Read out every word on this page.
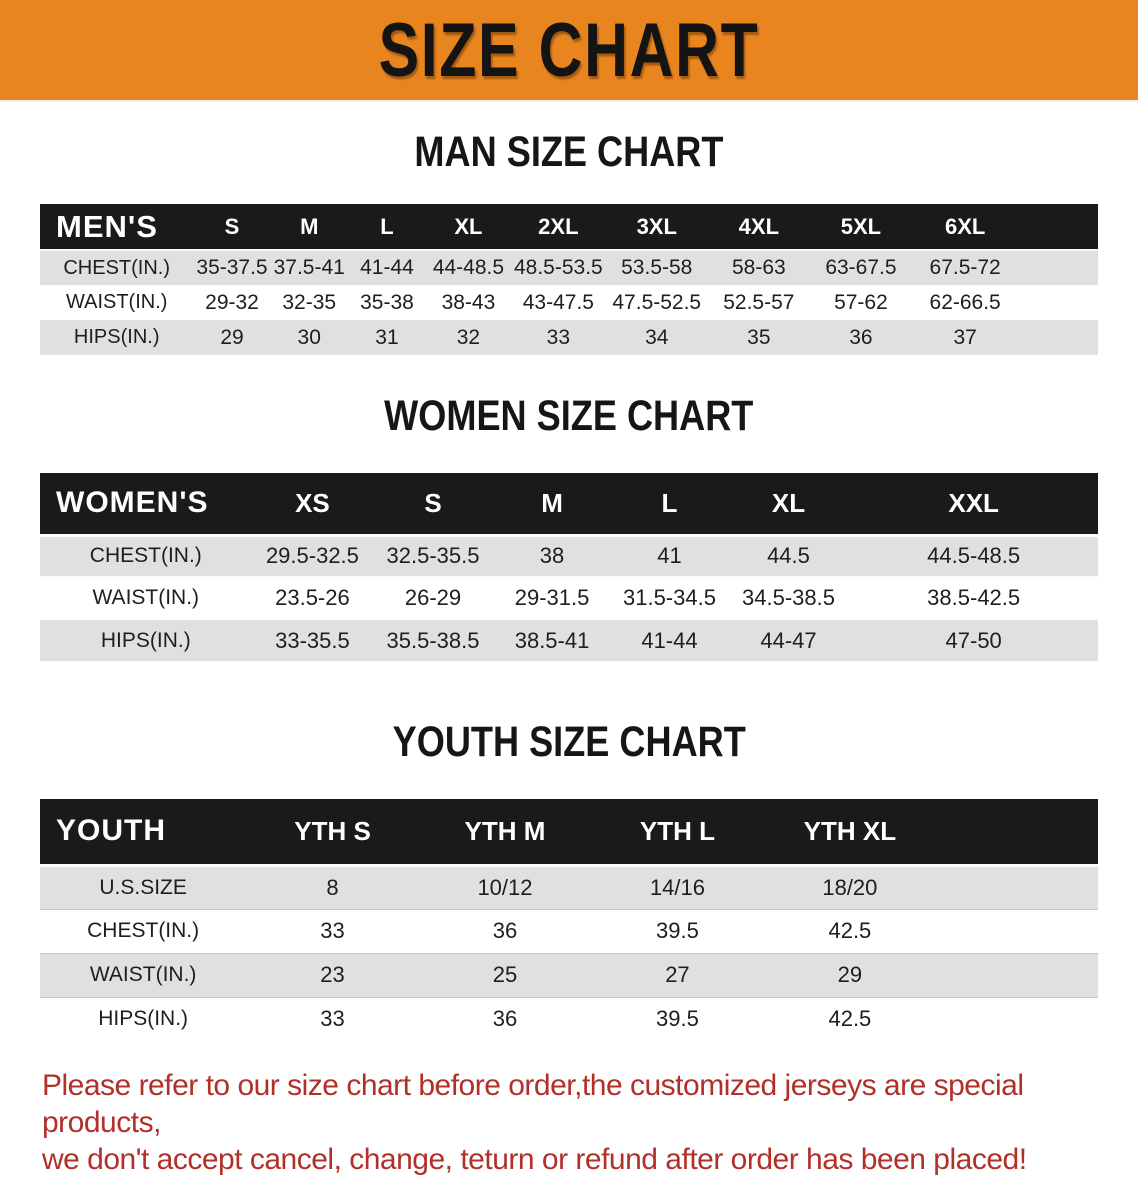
SIZE CHART
MAN SIZE CHART
MEN'S	S	M	L	XL	2XL	3XL	4XL	5XL	6XL	
CHEST(IN.)	35-37.5	37.5-41	41-44	44-48.5	48.5-53.5	53.5-58	58-63	63-67.5	67.5-72	
WAIST(IN.)	29-32	32-35	35-38	38-43	43-47.5	47.5-52.5	52.5-57	57-62	62-66.5	
HIPS(IN.)	29	30	31	32	33	34	35	36	37	
WOMEN SIZE CHART
WOMEN'S	XS	S	M	L	XL	XXL
CHEST(IN.)	29.5-32.5	32.5-35.5	38	41	44.5	44.5-48.5
WAIST(IN.)	23.5-26	26-29	29-31.5	31.5-34.5	34.5-38.5	38.5-42.5
HIPS(IN.)	33-35.5	35.5-38.5	38.5-41	41-44	44-47	47-50
YOUTH SIZE CHART
YOUTH	YTH S	YTH M	YTH L	YTH XL	
U.S.SIZE	8	10/12	14/16	18/20	
CHEST(IN.)	33	36	39.5	42.5	
WAIST(IN.)	23	25	27	29	
HIPS(IN.)	33	36	39.5	42.5	

Please refer to our size chart before order,the customized jerseys are special products,

we don't accept cancel, change, teturn or refund after order has been placed!
